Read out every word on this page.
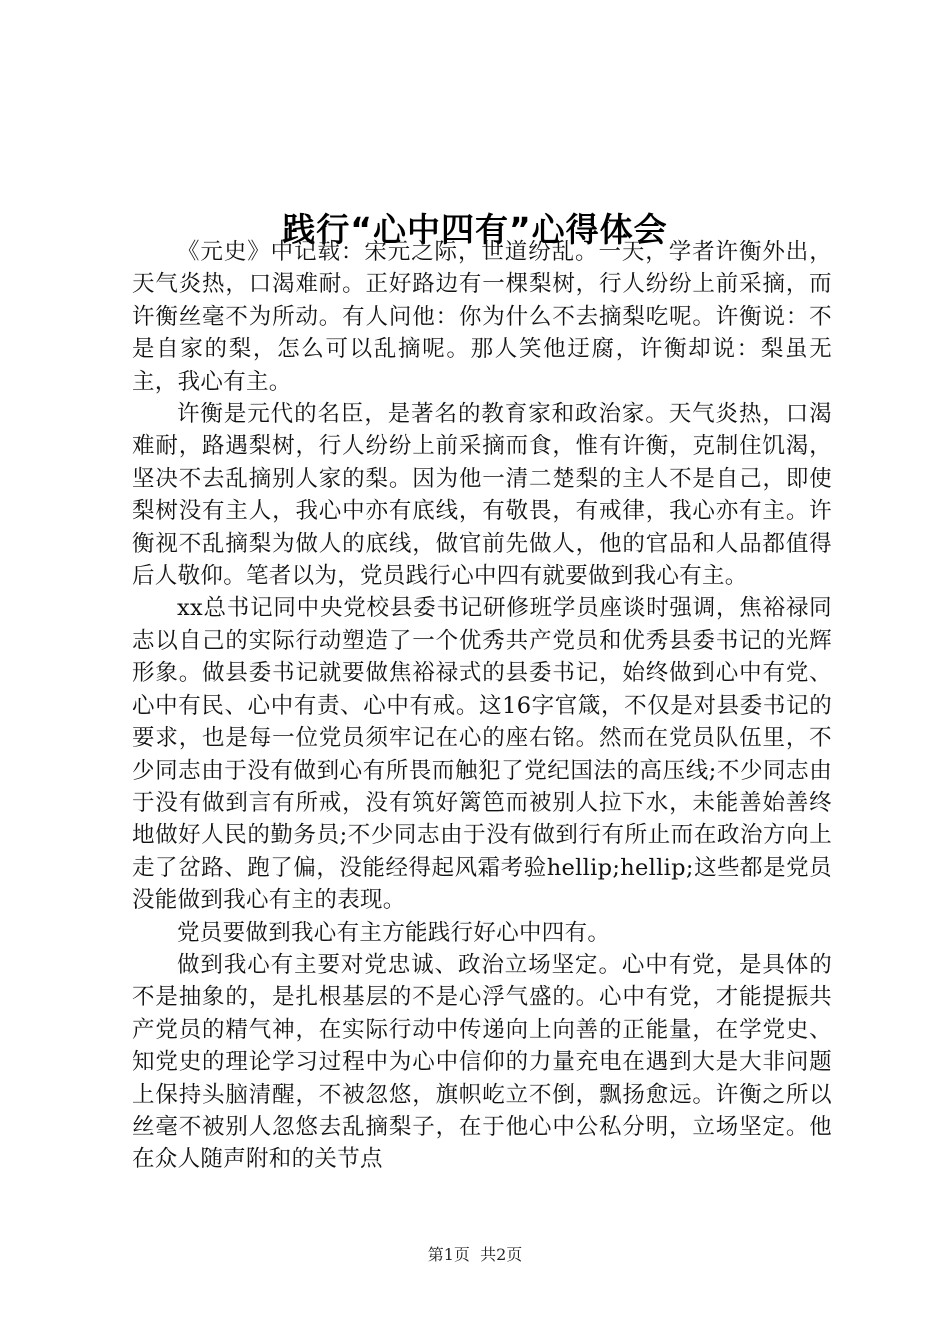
践行“心中四有”心得体会

《元史》中记载：宋元之际，世道纷乱。一天，学者许衡外出，天气炎热，口渴难耐。正好路边有一棵梨树，行人纷纷上前采摘，而许衡丝毫不为所动。有人问他：你为什么不去摘梨吃呢。许衡说：不是自家的梨，怎么可以乱摘呢。那人笑他迂腐，许衡却说：梨虽无主，我心有主。

许衡是元代的名臣，是著名的教育家和政治家。天气炎热，口渴难耐，路遇梨树，行人纷纷上前采摘而食，惟有许衡，克制住饥渴，坚决不去乱摘别人家的梨。因为他一清二楚梨的主人不是自己，即使梨树没有主人，我心中亦有底线，有敬畏，有戒律，我心亦有主。许衡视不乱摘梨为做人的底线，做官前先做人，他的官品和人品都值得后人敬仰。笔者以为，党员践行心中四有就要做到我心有主。

xx总书记同中央党校县委书记研修班学员座谈时强调，焦裕禄同志以自己的实际行动塑造了一个优秀共产党员和优秀县委书记的光辉形象。做县委书记就要做焦裕禄式的县委书记，始终做到心中有党、心中有民、心中有责、心中有戒。这16字官箴，不仅是对县委书记的要求，也是每一位党员须牢记在心的座右铭。然而在党员队伍里，不少同志由于没有做到心有所畏而触犯了党纪国法的高压线;不少同志由于没有做到言有所戒，没有筑好篱笆而被别人拉下水，未能善始善终地做好人民的勤务员;不少同志由于没有做到行有所止而在政治方向上走了岔路、跑了偏，没能经得起风霜考验hellip;hellip;这些都是党员没能做到我心有主的表现。

党员要做到我心有主方能践行好心中四有。

做到我心有主要对党忠诚、政治立场坚定。心中有党，是具体的不是抽象的，是扎根基层的不是心浮气盛的。心中有党，才能提振共产党员的精气神，在实际行动中传递向上向善的正能量，在学党史、知党史的理论学习过程中为心中信仰的力量充电在遇到大是大非问题上保持头脑清醒，不被忽悠，旗帜屹立不倒，飘扬愈远。许衡之所以丝毫不被别人忽悠去乱摘梨子，在于他心中公私分明，立场坚定。他在众人随声附和的关节点

第1页  共2页
